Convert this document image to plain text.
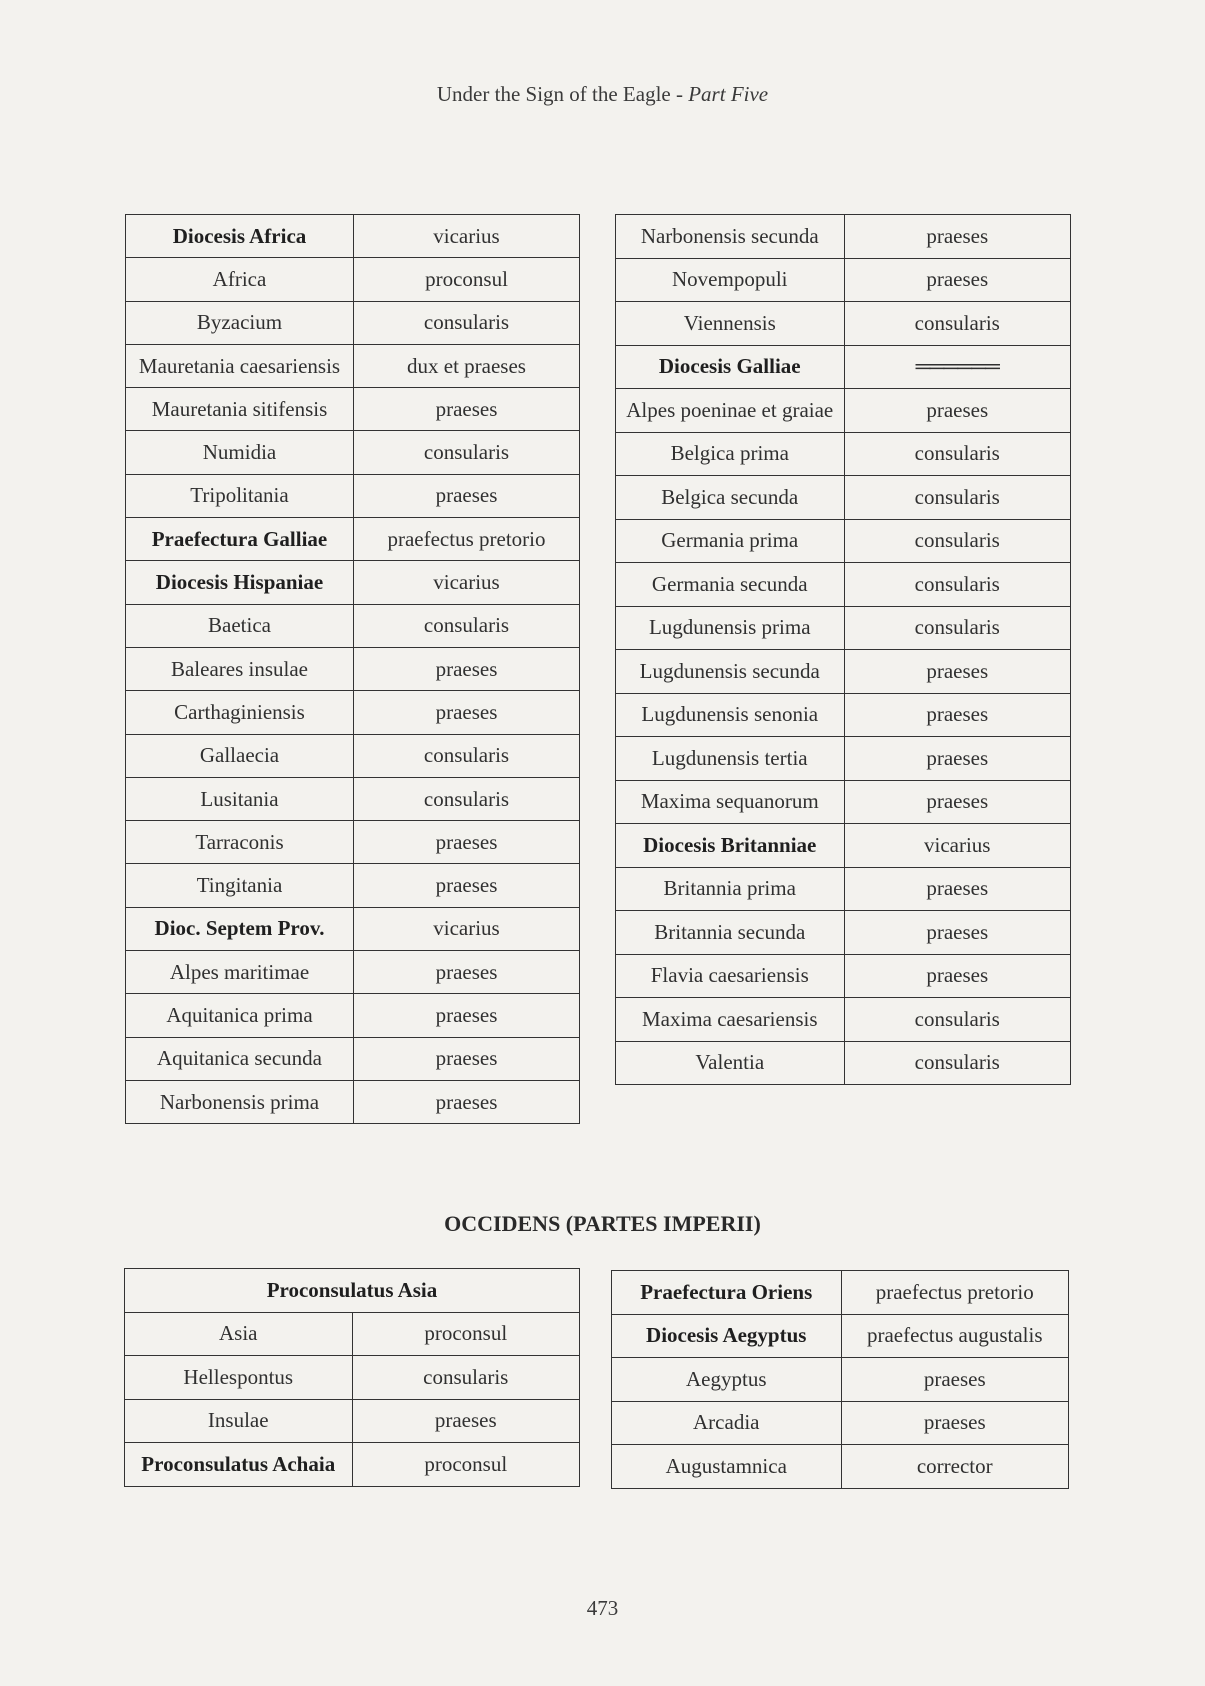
Under the Sign of the Eagle - Part Five
Diocesis Africa	vicarius
Africa	proconsul
Byzacium	consularis
Mauretania caesariensis	dux et praeses
Mauretania sitifensis	praeses
Numidia	consularis
Tripolitania	praeses
Praefectura Galliae	praefectus pretorio
Diocesis Hispaniae	vicarius
Baetica	consularis
Baleares insulae	praeses
Carthaginiensis	praeses
Gallaecia	consularis
Lusitania	consularis
Tarraconis	praeses
Tingitania	praeses
Dioc. Septem Prov.	vicarius
Alpes maritimae	praeses
Aquitanica prima	praeses
Aquitanica secunda	praeses
Narbonensis prima	praeses
Narbonensis secunda	praeses
Novempopuli	praeses
Viennensis	consularis
Diocesis Galliae	══════
Alpes poeninae et graiae	praeses
Belgica prima	consularis
Belgica secunda	consularis
Germania prima	consularis
Germania secunda	consularis
Lugdunensis prima	consularis
Lugdunensis secunda	praeses
Lugdunensis senonia	praeses
Lugdunensis tertia	praeses
Maxima sequanorum	praeses
Diocesis Britanniae	vicarius
Britannia prima	praeses
Britannia secunda	praeses
Flavia caesariensis	praeses
Maxima caesariensis	consularis
Valentia	consularis
OCCIDENS (PARTES IMPERII)
Proconsulatus Asia	
Asia	proconsul
Hellespontus	consularis
Insulae	praeses
Proconsulatus Achaia	proconsul
Praefectura Oriens	praefectus pretorio
Diocesis Aegyptus	praefectus augustalis
Aegyptus	praeses
Arcadia	praeses
Augustamnica	corrector
473
